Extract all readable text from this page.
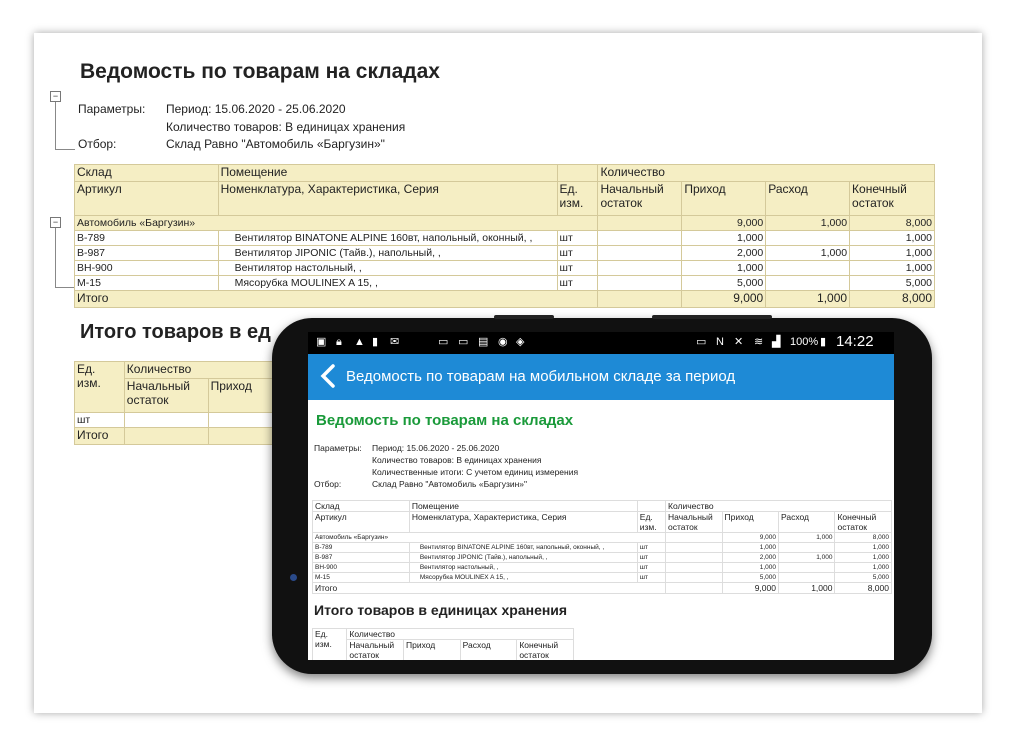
Ведомость по товарам на складах
−
Параметры: Период: 15.06.2020 - 25.06.2020
Количество товаров: В единицах хранения
Отбор:	Склад Равно "Автомобиль «Баргузин»"
−
Склад	Помещение		Количество			
Артикул	Номенклатура, Характеристика, Серия	Ед. изм.	Начальный остаток	Приход	Расход	Конечный остаток
Автомобиль «Баргузин»				9,000	1,000	8,000
В-789	Вентилятор BINATONE ALPINE 160вт, напольный, оконный, ,	шт		1,000		1,000
В-987	Вентилятор JIPONIC (Тайв.), напольный, ,	шт		2,000	1,000	1,000
ВН-900	Вентилятор настольный, ,	шт		1,000		1,000
М-15	Мясорубка MOULINEX A 15, ,	шт		5,000		5,000
Итого				9,000	1,000	8,000
Итого товаров в ед
Ед. изм.	Количество		
	Начальный остаток	Приход	
шт			
Итого			
▣ 🔒︎ ▲ ▮ ✉	▭ ▭ ▤ ◉ ◈	▭ N ✕ ≋ ▟ 100% ▮ 14:22
Ведомость по товарам на мобильном складе за период
Ведомость по товарам на складах
Параметры: Период: 15.06.2020 - 25.06.2020
Количество товаров: В единицах хранения
Количественные итоги: С учетом единиц измерения
Отбор:	Склад Равно "Автомобиль «Баргузин»"
Склад	Помещение		Количество			
Артикул	Номенклатура, Характеристика, Серия	Ед. изм.	Начальный остаток	Приход	Расход	Конечный остаток
Автомобиль «Баргузин»				9,000	1,000	8,000
В-789	Вентилятор BINATONE ALPINE 160вт, напольный, оконный, ,	шт		1,000		1,000
В-987	Вентилятор JIPONIC (Тайв.), напольный, ,	шт		2,000	1,000	1,000
ВН-900	Вентилятор настольный, ,	шт		1,000		1,000
М-15	Мясорубка MOULINEX A 15, ,	шт		5,000		5,000
Итого				9,000	1,000	8,000
Итого товаров в единицах хранения
Ед. изм.	Количество			
	Начальный остаток	Приход	Расход	Конечный остаток
